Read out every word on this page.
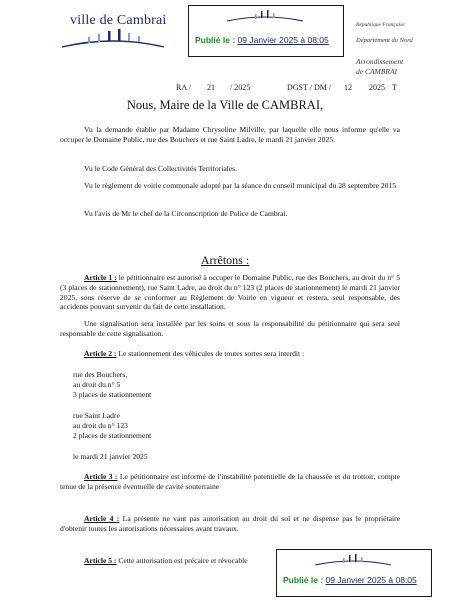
ville de Cambrai
Publié le : 09 Janvier 2025 à 08:05
République Française
Département du Nord
Arrondissement
de CAMBRAI
RA / 21 / 2025	DGST / DM / 12 2025 T
Nous, Maire de la Ville de CAMBRAI,
Vu la demande établie par Madame Chrysoline Milville, par laquelle elle nous informe qu'elle va occuper le Domaine Public, rue des Bouchers et rue Saint Ladre, le mardi 21 janvier 2025.
Vu le Code Général des Collectivités Territoriales.
Vu le règlement de voirie communale adopté par la séance du conseil municipal du 28 septembre 2015
Vu l'avis de Mr le chef de la Circonscription de Police de Cambrai.
Arrêtons :
Article 1 : le pétitionnaire est autorisé à occuper le Domaine Public, rue des Bouchers, au droit du n° 5 (3 places de stationnement), rue Saint Ladre, au droit du n° 123 (2 places de stationnement) le mardi 21 janvier 2025, sous réserve de se conformer au Règlement de Voirie en vigueur et restera, seul responsable, des accidents pouvant survenir du fait de cette installation.
Une signalisation sera installée par les soins et sous la responsabilité du pétitionnaire qui sera seul responsable de cette signalisation.
Article 2 : Le stationnement des véhicules de toutes sortes sera interdit :
rue des Bouchers,
au droit du n° 5
3 places de stationnement
rue Saint Ladre
au droit du n° 123
2 places de stationnement
le mardi 21 janvier 2025
Article 3 : Le pétitionnaire est informé de l'instabilité potentielle de la chaussée et du trottoir, compte tenue de la présence éventuelle de cavité souterraine
Article 4 : La présente ne vaut pas autorisation au droit du sol et ne dispense pas le propriétaire d'obtenir toutes les autorisations nécessaires avant travaux.
Article 5 : Cette autorisation est précaire et révocable
Publié le : 09 Janvier 2025 à 08:05
